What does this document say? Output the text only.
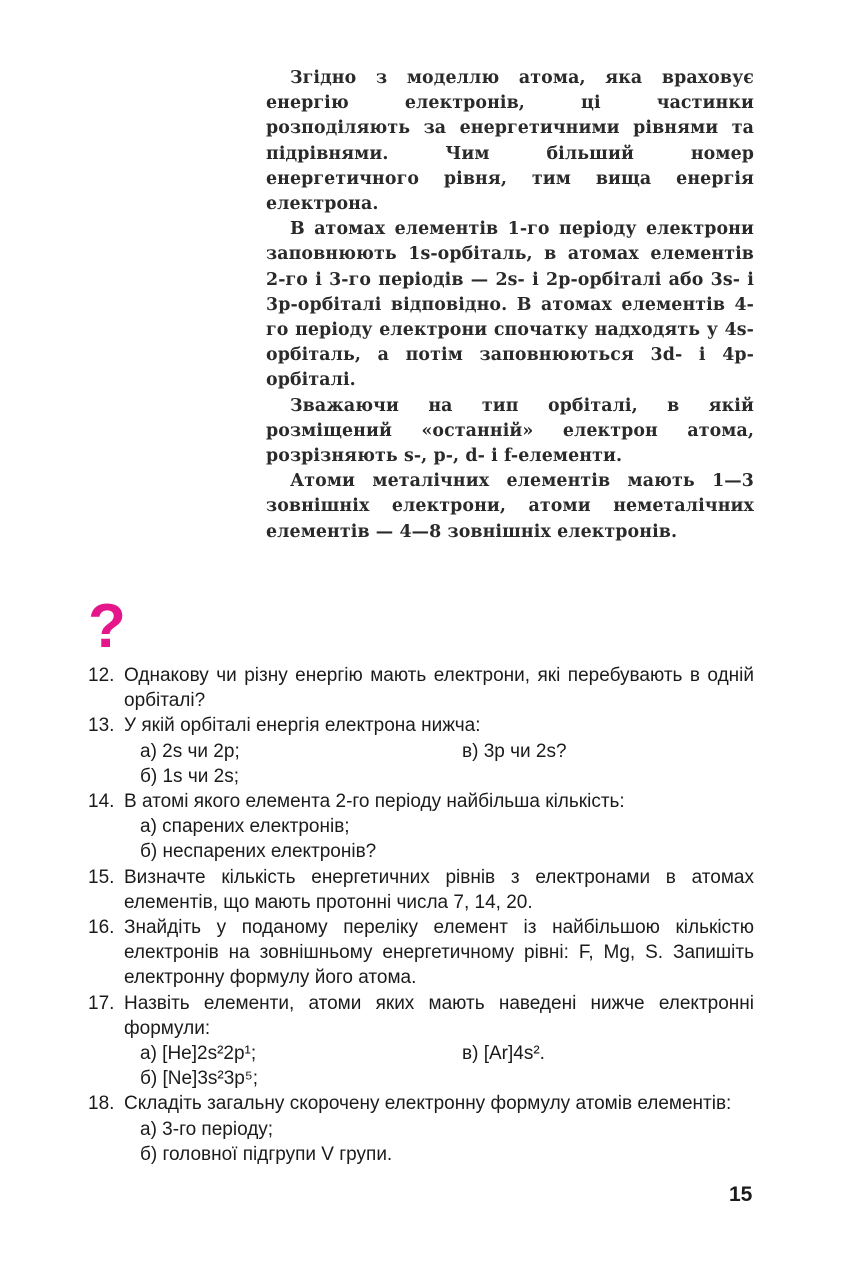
Згідно з моделлю атома, яка враховує енергію електронів, ці частинки розподіляють за енергетичними рівнями та підрівнями. Чим більший номер енергетичного рівня, тим вища енергія електрона.

В атомах елементів 1-го періоду електрони заповнюють 1s-орбіталь, в атомах елементів 2-го і 3-го періодів — 2s- і 2p-орбіталі або 3s- і 3p-орбіталі відповідно. В атомах елементів 4-го періоду електрони спочатку надходять у 4s-орбіталь, а потім заповнюються 3d- і 4p-орбіталі.

Зважаючи на тип орбіталі, в якій розміщений «останній» електрон атома, розрізняють s-, p-, d- і f-елементи.

Атоми металічних елементів мають 1—3 зовнішніх електрони, атоми неметалічних елементів — 4—8 зовнішніх електронів.

?
12. Однакову чи різну енергію мають електрони, які перебувають в одній орбіталі?
13. У якій орбіталі енергія електрона нижча:
а) 2s чи 2p;	в) 3p чи 2s?
б) 1s чи 2s;
14. В атомі якого елемента 2-го періоду найбільша кількість:
а) спарених електронів;
б) неспарених електронів?
15. Визначте кількість енергетичних рівнів з електронами в атомах елементів, що мають протонні числа 7, 14, 20.
16. Знайдіть у поданому переліку елемент із найбільшою кількістю електронів на зовнішньому енергетичному рівні: F, Mg, S. Запишіть електронну формулу його атома.
17. Назвіть елементи, атоми яких мають наведені нижче електронні формули:
а) [He]2s²2p¹;	в) [Ar]4s².
б) [Ne]3s²3p⁵;
18. Складіть загальну скорочену електронну формулу атомів елементів:
а) 3-го періоду;
б) головної підгрупи V групи.
15
